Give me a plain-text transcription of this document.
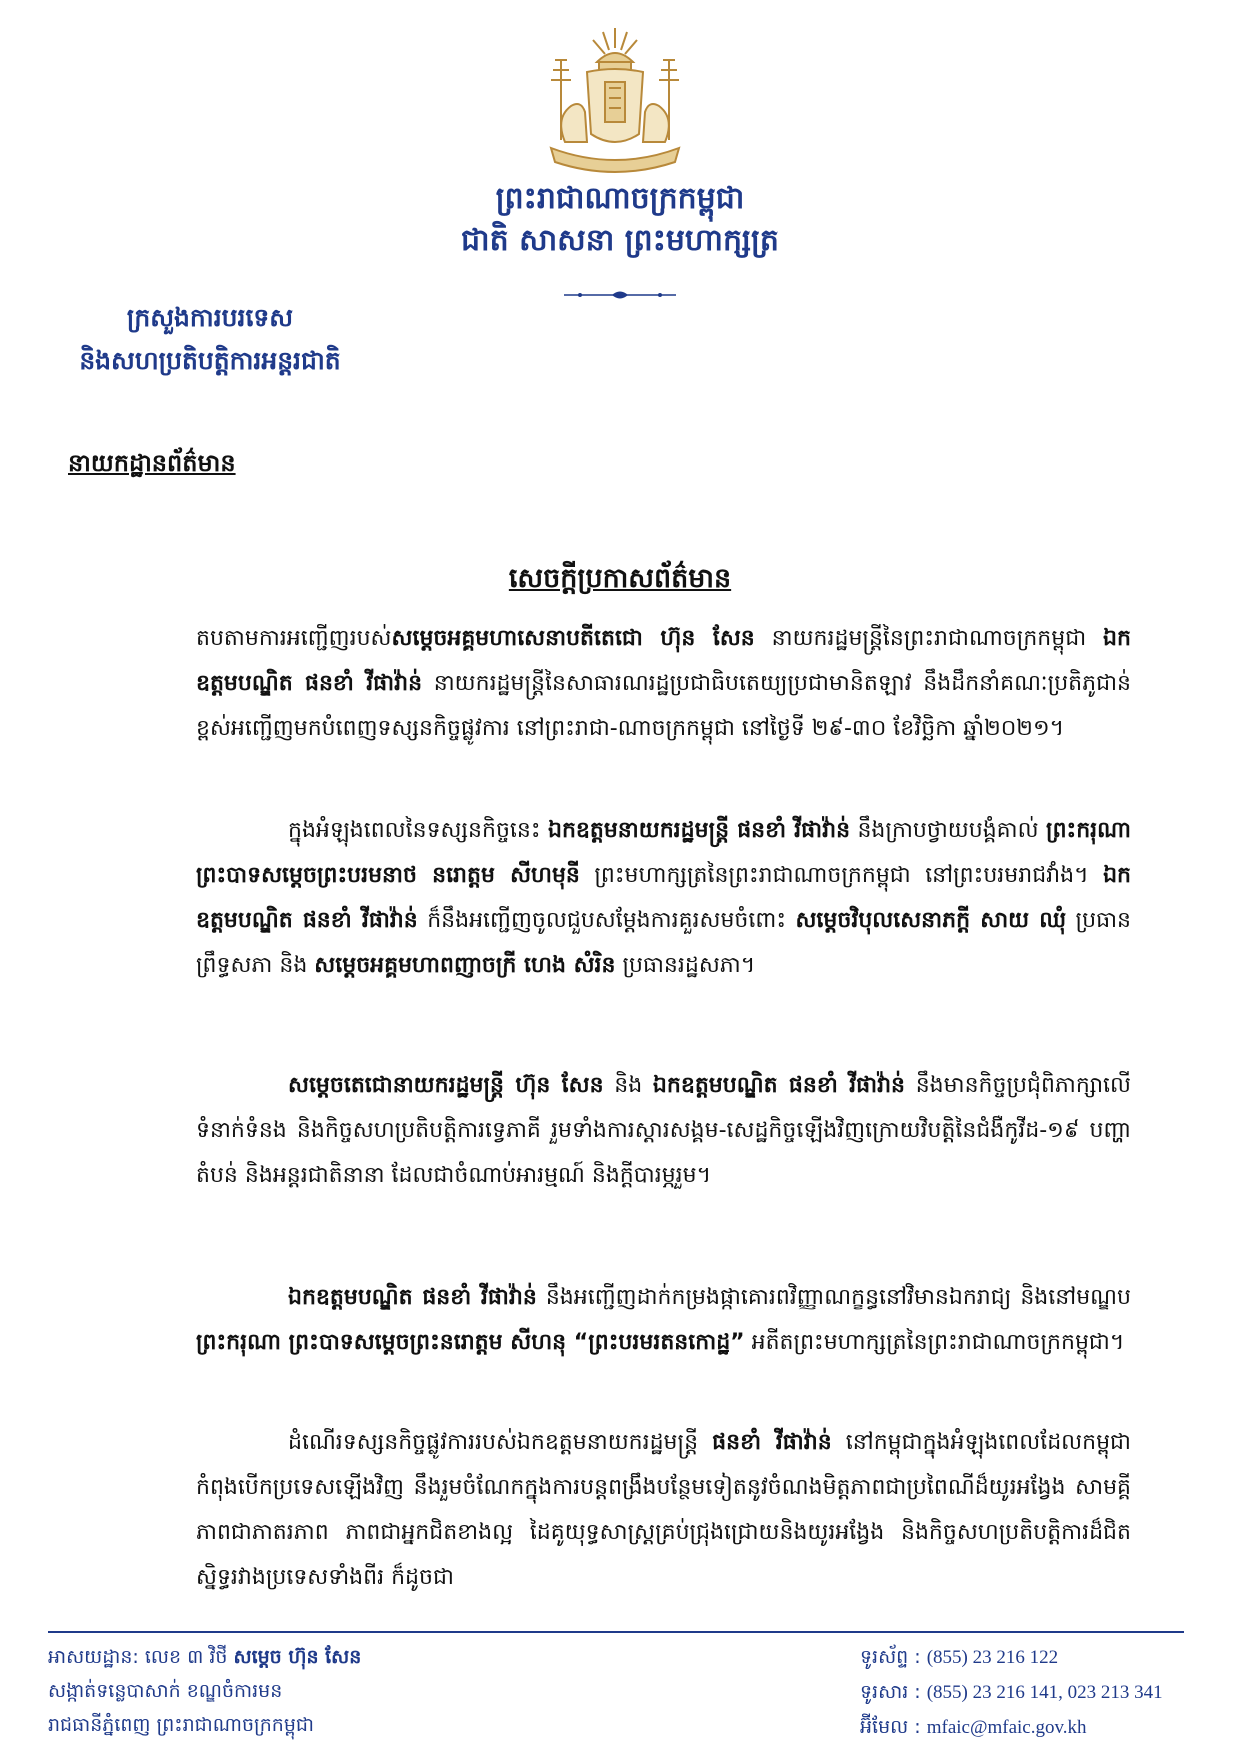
ព្រះរាជាណាចក្រកម្ពុជា
ជាតិ សាសនា ព្រះមហាក្សត្រ
ក្រសួងការបរទេស
និងសហប្រតិបត្តិការអន្តរជាតិ
នាយកដ្ឋានព័ត៌មាន
សេចក្តីប្រកាសព័ត៌មាន

តបតាមការអញ្ជើញរបស់សម្តេចអគ្គមហាសេនាបតីតេជោ ហ៊ុន សែន នាយករដ្ឋមន្ត្រីនៃព្រះរាជាណាចក្រកម្ពុជា ឯកឧត្តមបណ្ឌិត ផនខាំ វីផាវ៉ាន់ នាយករដ្ឋមន្ត្រីនៃសាធារណរដ្ឋប្រជាធិបតេយ្យប្រជាមានិតឡាវ នឹងដឹកនាំគណៈប្រតិភូជាន់ខ្ពស់អញ្ជើញមកបំពេញទស្សនកិច្ចផ្លូវការ នៅព្រះរាជា-ណាចក្រកម្ពុជា នៅថ្ងៃទី ២៩-៣០ ខែវិច្ឆិកា ឆ្នាំ២០២១។

ក្នុងអំឡុងពេលនៃទស្សនកិច្ចនេះ ឯកឧត្តមនាយករដ្ឋមន្ត្រី ផនខាំ វីផាវ៉ាន់ នឹងក្រាបថ្វាយបង្គំគាល់ ព្រះករុណា ព្រះបាទសម្តេចព្រះបរមនាថ នរោត្តម សីហមុនី ព្រះមហាក្សត្រនៃព្រះរាជាណាចក្រកម្ពុជា នៅព្រះបរមរាជវាំង។ ឯកឧត្តមបណ្ឌិត ផនខាំ វីផាវ៉ាន់ ក៏នឹងអញ្ជើញចូលជួបសម្តែងការគួរសមចំពោះ សម្តេចវិបុលសេនាភក្តី សាយ ឈុំ ប្រធានព្រឹទ្ធសភា និង សម្តេចអគ្គមហាពញាចក្រី ហេង សំរិន ប្រធានរដ្ឋសភា។

សម្តេចតេជោនាយករដ្ឋមន្ត្រី ហ៊ុន សែន និង ឯកឧត្តមបណ្ឌិត ផនខាំ វីផាវ៉ាន់ នឹងមានកិច្ចប្រជុំពិភាក្សាលើទំនាក់ទំនង និងកិច្ចសហប្រតិបត្តិការទ្វេភាគី រួមទាំងការស្តារសង្គម-សេដ្ឋកិច្ចឡើងវិញក្រោយវិបត្តិនៃជំងឺកូវីដ-១៩ បញ្ហាតំបន់ និងអន្តរជាតិនានា ដែលជាចំណាប់អារម្មណ៍ និងក្តីបារម្ភរួម។

ឯកឧត្តមបណ្ឌិត ផនខាំ វីផាវ៉ាន់ នឹងអញ្ជើញដាក់កម្រងផ្កាគោរពវិញ្ញាណក្ខន្ធនៅវិមានឯករាជ្យ និងនៅមណ្ឌប ព្រះករុណា ព្រះបាទសម្តេចព្រះនរោត្តម សីហនុ “ព្រះបរមរតនកោដ្ឋ” អតីតព្រះមហាក្សត្រនៃព្រះរាជាណាចក្រកម្ពុជា។

ដំណើរទស្សនកិច្ចផ្លូវការរបស់ឯកឧត្តមនាយករដ្ឋមន្ត្រី ផនខាំ វីផាវ៉ាន់ នៅកម្ពុជាក្នុងអំឡុងពេលដែលកម្ពុជាកំពុងបើកប្រទេសឡើងវិញ នឹងរួមចំណែកក្នុងការបន្តពង្រឹងបន្ថែមទៀតនូវចំណងមិត្តភាពជាប្រពៃណីដ៏យូរអង្វែង សាមគ្គីភាពជាភាតរភាព ភាពជាអ្នកជិតខាងល្អ ដៃគូយុទ្ធសាស្ត្រគ្រប់ជ្រុងជ្រោយនិងយូរអង្វែង និងកិច្ចសហប្រតិបត្តិការដ៏ជិតស្និទ្ធរវាងប្រទេសទាំងពីរ ក៏ដូចជា

អាសយដ្ឋាន: លេខ ៣ វិថី សម្តេច ហ៊ុន សែន
សង្កាត់ទន្លេបាសាក់ ខណ្ឌចំការមន
រាជធានីភ្នំពេញ ព្រះរាជាណាចក្រកម្ពុជា
ទូរស័ព្ទ : (855) 23 216 122
ទូរសារ : (855) 23 216 141, 023 213 341
អ៊ីមែល : mfaic@mfaic.gov.kh
